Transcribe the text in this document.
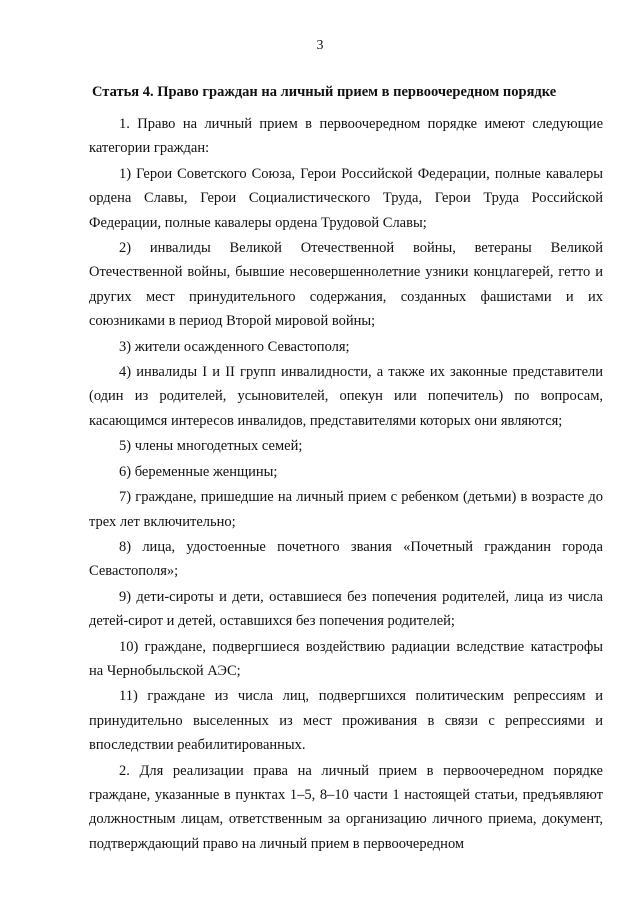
3
Статья 4. Право граждан на личный прием в первоочередном порядке

1. Право на личный прием в первоочередном порядке имеют следующие категории граждан:

1) Герои Советского Союза, Герои Российской Федерации, полные кавалеры ордена Славы, Герои Социалистического Труда, Герои Труда Российской Федерации, полные кавалеры ордена Трудовой Славы;

2) инвалиды Великой Отечественной войны, ветераны Великой Отечественной войны, бывшие несовершеннолетние узники концлагерей, гетто и других мест принудительного содержания, созданных фашистами и их союзниками в период Второй мировой войны;

3) жители осажденного Севастополя;

4) инвалиды I и II групп инвалидности, а также их законные представители (один из родителей, усыновителей, опекун или попечитель) по вопросам, касающимся интересов инвалидов, представителями которых они являются;

5) члены многодетных семей;

6) беременные женщины;

7) граждане, пришедшие на личный прием с ребенком (детьми) в возрасте до трех лет включительно;

8) лица, удостоенные почетного звания «Почетный гражданин города Севастополя»;

9) дети-сироты и дети, оставшиеся без попечения родителей, лица из числа детей-сирот и детей, оставшихся без попечения родителей;

10) граждане, подвергшиеся воздействию радиации вследствие катастрофы на Чернобыльской АЭС;

11) граждане из числа лиц, подвергшихся политическим репрессиям и принудительно выселенных из мест проживания в связи с репрессиями и впоследствии реабилитированных.

2. Для реализации права на личный прием в первоочередном порядке граждане, указанные в пунктах 1–5, 8–10 части 1 настоящей статьи, предъявляют должностным лицам, ответственным за организацию личного приема, документ, подтверждающий право на личный прием в первоочередном
